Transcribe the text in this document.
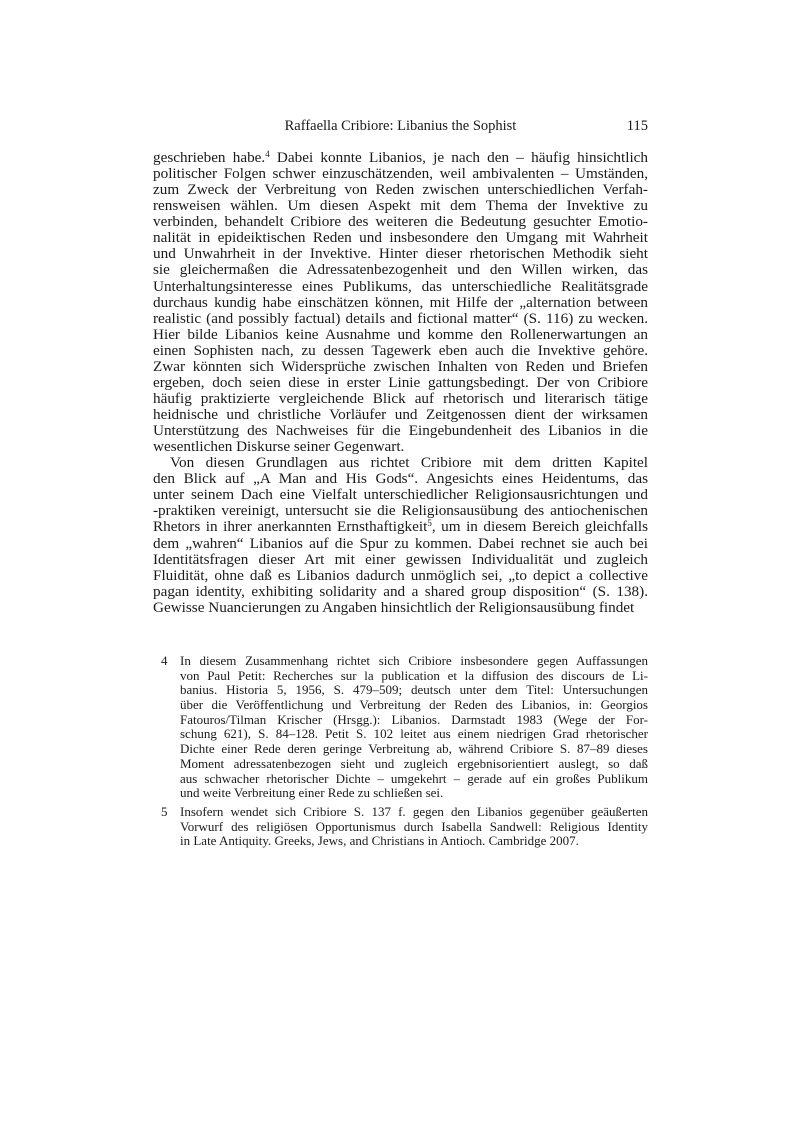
Raffaella Cribiore: Libanius the Sophist	115
geschrieben habe.$^4$ Dabei konnte Libanios, je nach den – häufig hinsichtlich
politischer Folgen schwer einzuschätzenden, weil ambivalenten – Umständen,
zum Zweck der Verbreitung von Reden zwischen unterschiedlichen Verfah-
rensweisen wählen. Um diesen Aspekt mit dem Thema der Invektive zu
verbinden, behandelt Cribiore des weiteren die Bedeutung gesuchter Emotio-
nalität in epideiktischen Reden und insbesondere den Umgang mit Wahrheit
und Unwahrheit in der Invektive. Hinter dieser rhetorischen Methodik sieht
sie gleichermaßen die Adressatenbezogenheit und den Willen wirken, das
Unterhaltungsinteresse eines Publikums, das unterschiedliche Realitätsgrade
durchaus kundig habe einschätzen können, mit Hilfe der „alternation between
realistic (and possibly factual) details and fictional matter“ (S. 116) zu wecken.
Hier bilde Libanios keine Ausnahme und komme den Rollenerwartungen an
einen Sophisten nach, zu dessen Tagewerk eben auch die Invektive gehöre.
Zwar könnten sich Widersprüche zwischen Inhalten von Reden und Briefen
ergeben, doch seien diese in erster Linie gattungsbedingt. Der von Cribiore
häufig praktizierte vergleichende Blick auf rhetorisch und literarisch tätige
heidnische und christliche Vorläufer und Zeitgenossen dient der wirksamen
Unterstützung des Nachweises für die Eingebundenheit des Libanios in die
wesentlichen Diskurse seiner Gegenwart.
Von diesen Grundlagen aus richtet Cribiore mit dem dritten Kapitel
den Blick auf „A Man and His Gods“. Angesichts eines Heidentums, das
unter seinem Dach eine Vielfalt unterschiedlicher Religionsausrichtungen und
-praktiken vereinigt, untersucht sie die Religionsausübung des antiochenischen
Rhetors in ihrer anerkannten Ernsthaftigkeit$^5$, um in diesem Bereich gleichfalls
dem „wahren“ Libanios auf die Spur zu kommen. Dabei rechnet sie auch bei
Identitätsfragen dieser Art mit einer gewissen Individualität und zugleich
Fluidität, ohne daß es Libanios dadurch unmöglich sei, „to depict a collective
pagan identity, exhibiting solidarity and a shared group disposition“ (S. 138).
Gewisse Nuancierungen zu Angaben hinsichtlich der Religionsausübung findet
4 In diesem Zusammenhang richtet sich Cribiore insbesondere gegen Auffassungen
von Paul Petit: Recherches sur la publication et la diffusion des discours de Li-
banius. Historia 5, 1956, S. 479–509; deutsch unter dem Titel: Untersuchungen
über die Veröffentlichung und Verbreitung der Reden des Libanios, in: Georgios
Fatouros/Tilman Krischer (Hrsgg.): Libanios. Darmstadt 1983 (Wege der For-
schung 621), S. 84–128. Petit S. 102 leitet aus einem niedrigen Grad rhetorischer
Dichte einer Rede deren geringe Verbreitung ab, während Cribiore S. 87–89 dieses
Moment adressatenbezogen sieht und zugleich ergebnisorientiert auslegt, so daß
aus schwacher rhetorischer Dichte – umgekehrt – gerade auf ein großes Publikum
und weite Verbreitung einer Rede zu schließen sei.
5 Insofern wendet sich Cribiore S. 137 f. gegen den Libanios gegenüber geäußerten
Vorwurf des religiösen Opportunismus durch Isabella Sandwell: Religious Identity
in Late Antiquity. Greeks, Jews, and Christians in Antioch. Cambridge 2007.
